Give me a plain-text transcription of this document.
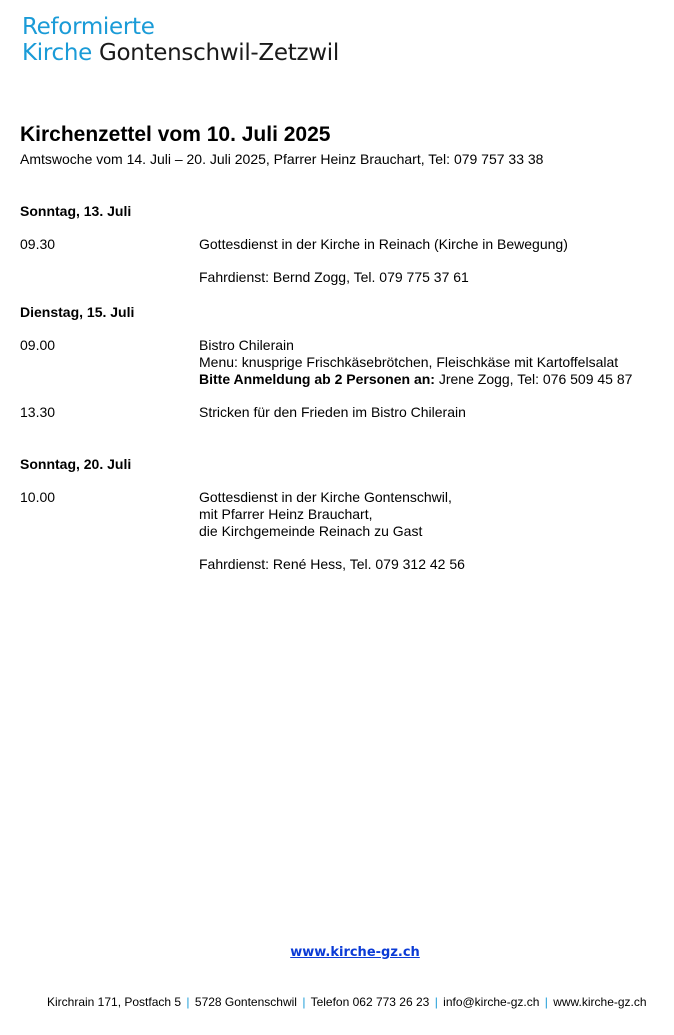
Reformierte
Kirche Gontenschwil-Zetzwil
Kirchenzettel vom 10. Juli 2025
Amtswoche vom 14. Juli – 20. Juli 2025, Pfarrer Heinz Brauchart, Tel: 079 757 33 38
Sonntag, 13. Juli
09.30	Gottesdienst in der Kirche in Reinach (Kirche in Bewegung)
Fahrdienst: Bernd Zogg, Tel. 079 775 37 61
Dienstag, 15. Juli
09.00	Bistro Chilerain
Menu: knusprige Frischkäsebrötchen, Fleischkäse mit Kartoffelsalat
Bitte Anmeldung ab 2 Personen an: Jrene Zogg, Tel: 076 509 45 87
13.30	Stricken für den Frieden im Bistro Chilerain
Sonntag, 20. Juli
10.00	Gottesdienst in der Kirche Gontenschwil,
mit Pfarrer Heinz Brauchart,
die Kirchgemeinde Reinach zu Gast
Fahrdienst: René Hess, Tel. 079 312 42 56
www.kirche-gz.ch
Kirchrain 171, Postfach 5 | 5728 Gontenschwil | Telefon 062 773 26 23 | info@kirche-gz.ch | www.kirche-gz.ch
